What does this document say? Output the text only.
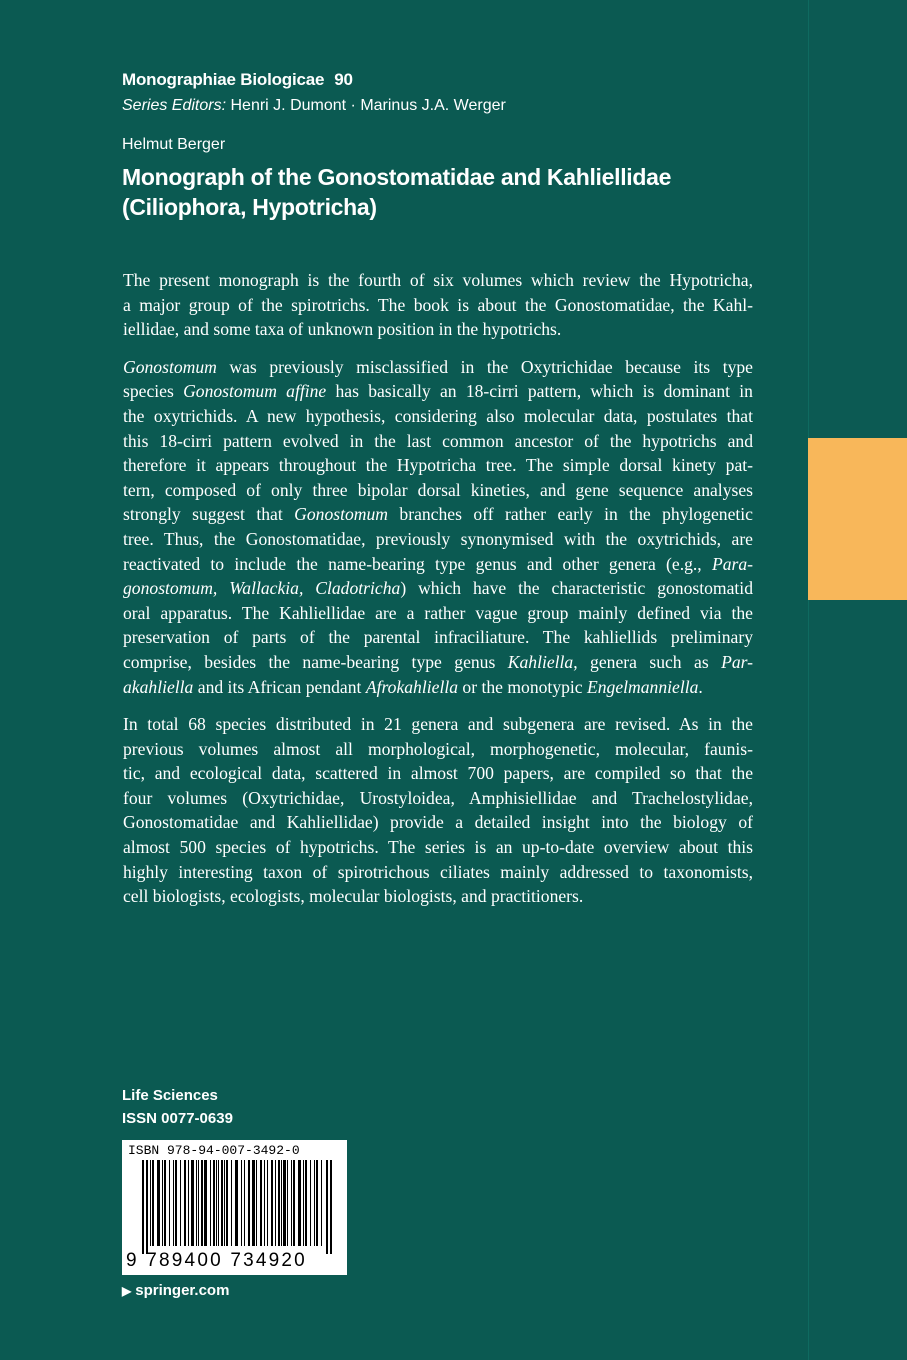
Monographiae Biologicae 90
Series Editors: Henri J. Dumont · Marinus J.A. Werger
Helmut Berger
Monograph of the Gonostomatidae and Kahliellidae
(Ciliophora, Hypotricha)

The present monograph is the fourth of six volumes which review the Hypotricha,
a major group of the spirotrichs. The book is about the Gonostomatidae, the Kahl-
iellidae, and some taxa of unknown position in the hypotrichs.

Gonostomum was previously misclassified in the Oxytrichidae because its type
species Gonostomum affine has basically an 18-cirri pattern, which is dominant in
the oxytrichids. A new hypothesis, considering also molecular data, postulates that
this 18-cirri pattern evolved in the last common ancestor of the hypotrichs and
therefore it appears throughout the Hypotricha tree. The simple dorsal kinety pat-
tern, composed of only three bipolar dorsal kineties, and gene sequence analyses
strongly suggest that Gonostomum branches off rather early in the phylogenetic
tree. Thus, the Gonostomatidae, previously synonymised with the oxytrichids, are
reactivated to include the name-bearing type genus and other genera (e.g., Para-
gonostomum, Wallackia, Cladotricha) which have the characteristic gonostomatid
oral apparatus. The Kahliellidae are a rather vague group mainly defined via the
preservation of parts of the parental infraciliature. The kahliellids preliminary
comprise, besides the name-bearing type genus Kahliella, genera such as Par-
akahliella and its African pendant Afrokahliella or the monotypic Engelmanniella.

In total 68 species distributed in 21 genera and subgenera are revised. As in the
previous volumes almost all morphological, morphogenetic, molecular, faunis-
tic, and ecological data, scattered in almost 700 papers, are compiled so that the
four volumes (Oxytrichidae, Urostyloidea, Amphisiellidae and Trachelostylidae,
Gonostomatidae and Kahliellidae) provide a detailed insight into the biology of
almost 500 species of hypotrichs. The series is an up-to-date overview about this
highly interesting taxon of spirotrichous ciliates mainly addressed to taxonomists,
cell biologists, ecologists, molecular biologists, and practitioners.

Life Sciences
ISSN 0077-0639
ISBN 978-94-007-3492-0
9 789400 734920
▶ springer.com
